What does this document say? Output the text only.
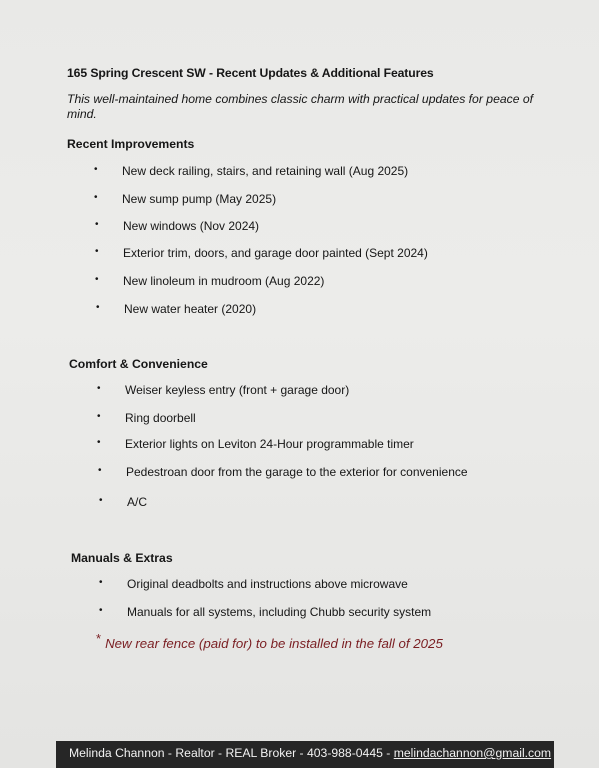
165 Spring Crescent SW - Recent Updates & Additional Features
This well-maintained home combines classic charm with practical updates for peace of mind.
Recent Improvements
• New deck railing, stairs, and retaining wall (Aug 2025)
• New sump pump (May 2025)
• New windows (Nov 2024)
• Exterior trim, doors, and garage door painted (Sept 2024)
• New linoleum in mudroom (Aug 2022)
• New water heater (2020)
Comfort & Convenience
• Weiser keyless entry (front + garage door)
• Ring doorbell
• Exterior lights on Leviton 24-Hour programmable timer
• Pedestroan door from the garage to the exterior for convenience
• A/C
Manuals & Extras
• Original deadbolts and instructions above microwave
• Manuals for all systems, including Chubb security system
* New rear fence (paid for) to be installed in the fall of 2025
Melinda Channon - Realtor - REAL Broker - 403-988-0445 - melindachannon@gmail.com
